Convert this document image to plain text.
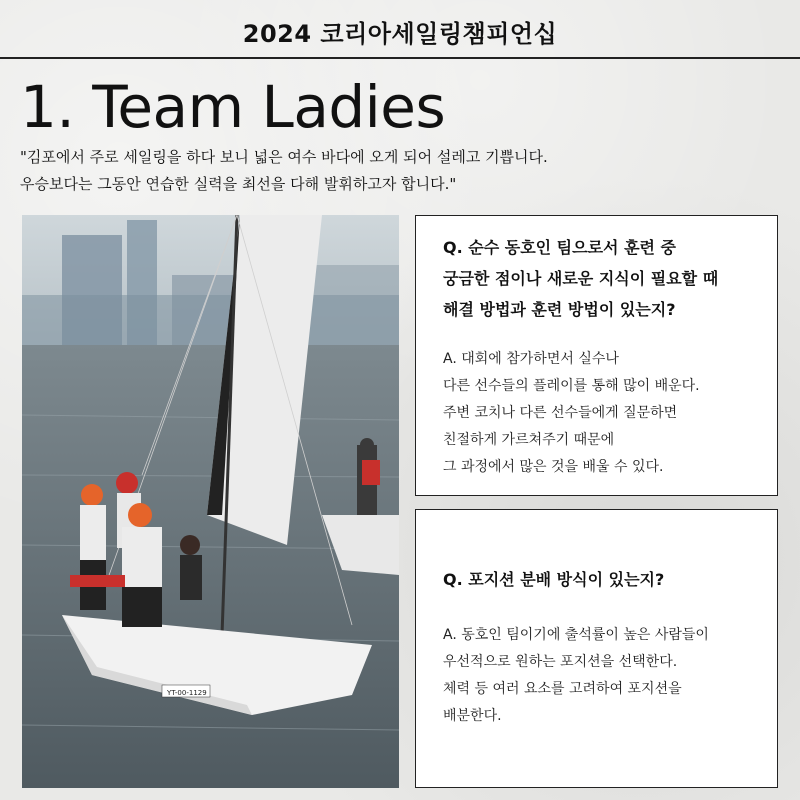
2024 코리아세일링챔피언십
1. Team Ladies
"김포에서 주로 세일링을 하다 보니 넓은 여수 바다에 오게 되어 설레고 기쁩니다.
우승보다는 그동안 연습한 실력을 최선을 다해 발휘하고자 합니다."
YT-00-1129
Q. 순수 동호인 팀으로서 훈련 중
궁금한 점이나 새로운 지식이 필요할 때
해결 방법과 훈련 방법이 있는지?
A. 대회에 참가하면서 실수나
다른 선수들의 플레이를 통해 많이 배운다.
주변 코치나 다른 선수들에게 질문하면
친절하게 가르쳐주기 때문에
그 과정에서 많은 것을 배울 수 있다.
Q. 포지션 분배 방식이 있는지?
A. 동호인 팀이기에 출석률이 높은 사람들이
우선적으로 원하는 포지션을 선택한다.
체력 등 여러 요소를 고려하여 포지션을
배분한다.
